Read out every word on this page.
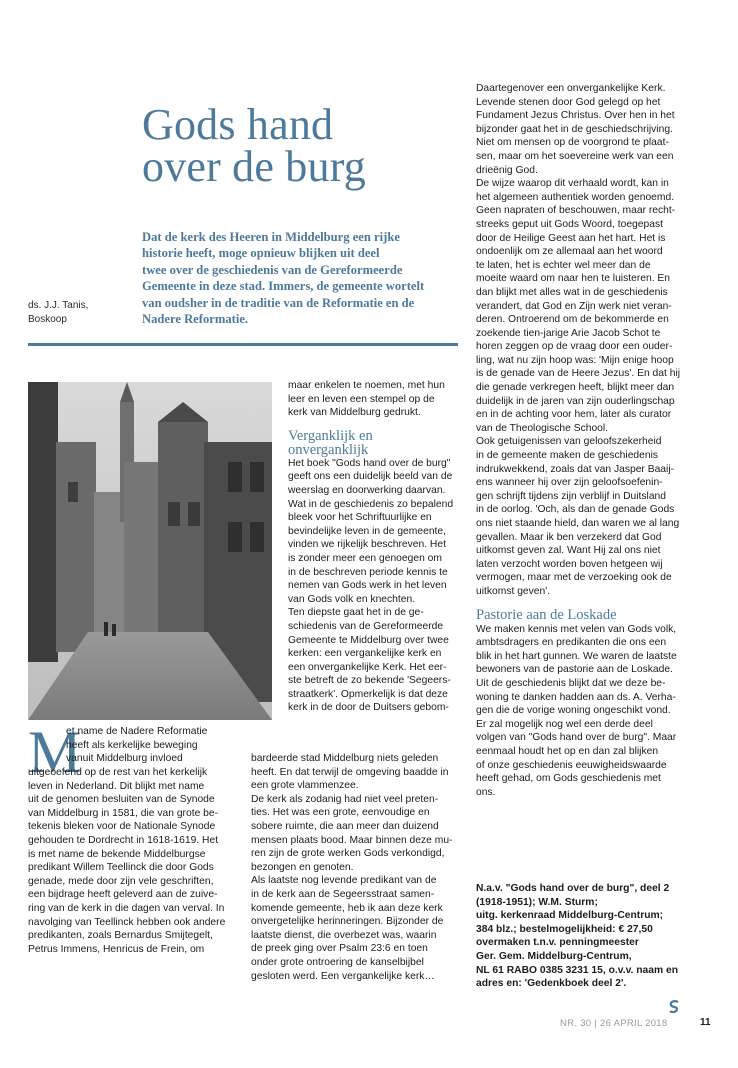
Gods hand
over de burg
Dat de kerk des Heeren in Middelburg een rijke
historie heeft, moge opnieuw blijken uit deel
twee over de geschiedenis van de Gereformeerde
Gemeente in deze stad. Immers, de gemeente wortelt
van oudsher in de traditie van de Reformatie en de
Nadere Reformatie.
ds. J.J. Tanis,
Boskoop
M
et name de Nadere Reformatie
heeft als kerkelijke beweging
vanuit Middelburg invloed
uitgeoefend op de rest van het kerkelijk
leven in Nederland. Dit blijkt met name
uit de genomen besluiten van de Synode
van Middelburg in 1581, die van grote be-
tekenis bleken voor de Nationale Synode
gehouden te Dordrecht in 1618-1619. Het
is met name de bekende Middelburgse
predikant Willem Teellinck die door Gods
genade, mede door zijn vele geschriften,
een bijdrage heeft geleverd aan de zuive-
ring van de kerk in die dagen van verval. In
navolging van Teellinck hebben ook andere
predikanten, zoals Bernardus Smijtegelt,
Petrus Immens, Henricus de Frein, om
maar enkelen te noemen, met hun
leer en leven een stempel op de
kerk van Middelburg gedrukt.
Verganklijk en
onverganklijk
Het boek "Gods hand over de burg"
geeft ons een duidelijk beeld van de
weerslag en doorwerking daarvan.
Wat in de geschiedenis zo bepalend
bleek voor het Schriftuurlijke en
bevindelijke leven in de gemeente,
vinden we rijkelijk beschreven. Het
is zonder meer een genoegen om
in de beschreven periode kennis te
nemen van Gods werk in het leven
van Gods volk en knechten.
Ten diepste gaat het in de ge-
schiedenis van de Gereformeerde
Gemeente te Middelburg over twee
kerken: een vergankelijke kerk en
een onvergankelijke Kerk. Het eer-
ste betreft de zo bekende 'Segeers-
straatkerk'. Opmerkelijk is dat deze
kerk in de door de Duitsers gebom-
bardeerde stad Middelburg niets geleden
heeft. En dat terwijl de omgeving baadde in
een grote vlammenzee.
De kerk als zodanig had niet veel preten-
ties. Het was een grote, eenvoudige en
sobere ruimte, die aan meer dan duizend
mensen plaats bood. Maar binnen deze mu-
ren zijn de grote werken Gods verkondigd,
bezongen en genoten.
Als laatste nog levende predikant van de
in de kerk aan de Segeersstraat samen-
komende gemeente, heb ik aan deze kerk
onvergetelijke herinneringen. Bijzonder de
laatste dienst, die overbezet was, waarin
de preek ging over Psalm 23:6 en toen
onder grote ontroering de kanselbijbel
gesloten werd. Een vergankelijke kerk…
Daartegenover een onvergankelijke Kerk.
Levende stenen door God gelegd op het
Fundament Jezus Christus. Over hen in het
bijzonder gaat het in de geschiedschrijving.
Niet om mensen op de voorgrond te plaat-
sen, maar om het soevereine werk van een
drieënig God.
De wijze waarop dit verhaald wordt, kan in
het algemeen authentiek worden genoemd.
Geen napraten of beschouwen, maar recht-
streeks geput uit Gods Woord, toegepast
door de Heilige Geest aan het hart. Het is
ondoenlijk om ze allemaal aan het woord
te laten, het is echter wel meer dan de
moeite waard om naar hen te luisteren. En
dan blijkt met alles wat in de geschiedenis
verandert, dat God en Zijn werk niet veran-
deren. Ontroerend om de bekommerde en
zoekende tien-jarige Arie Jacob Schot te
horen zeggen op de vraag door een ouder-
ling, wat nu zijn hoop was: 'Mijn enige hoop
is de genade van de Heere Jezus'. En dat hij
die genade verkregen heeft, blijkt meer dan
duidelijk in de jaren van zijn ouderlingschap
en in de achting voor hem, later als curator
van de Theologische School.
Ook getuigenissen van geloofszekerheid
in de gemeente maken de geschiedenis
indrukwekkend, zoals dat van Jasper Baaij-
ens wanneer hij over zijn geloofsoefenin-
gen schrijft tijdens zijn verblijf in Duitsland
in de oorlog. 'Och, als dan de genade Gods
ons niet staande hield, dan waren we al lang
gevallen. Maar ik ben verzekerd dat God
uitkomst geven zal. Want Hij zal ons niet
laten verzocht worden boven hetgeen wij
vermogen, maar met de verzoeking ook de
uitkomst geven'.
Pastorie aan de Loskade
We maken kennis met velen van Gods volk,
ambtsdragers en predikanten die ons een
blik in het hart gunnen. We waren de laatste
bewoners van de pastorie aan de Loskade.
Uit de geschiedenis blijkt dat we deze be-
woning te danken hadden aan ds. A. Verha-
gen die de vorige woning ongeschikt vond.
Er zal mogelijk nog wel een derde deel
volgen van "Gods hand over de burg". Maar
eenmaal houdt het op en dan zal blijken
of onze geschiedenis eeuwigheidswaarde
heeft gehad, om Gods geschiedenis met
ons.
N.a.v. "Gods hand over de burg", deel 2
(1918-1951); W.M. Sturm;
uitg. kerkenraad Middelburg-Centrum;
384 blz.; bestelmogelijkheid: € 27,50
overmaken t.n.v. penningmeester
Ger. Gem. Middelburg-Centrum,
NL 61 RABO 0385 3231 15, o.v.v. naam en
adres en: 'Gedenkboek deel 2'.
NR. 30 | 26 APRIL 2018	11
